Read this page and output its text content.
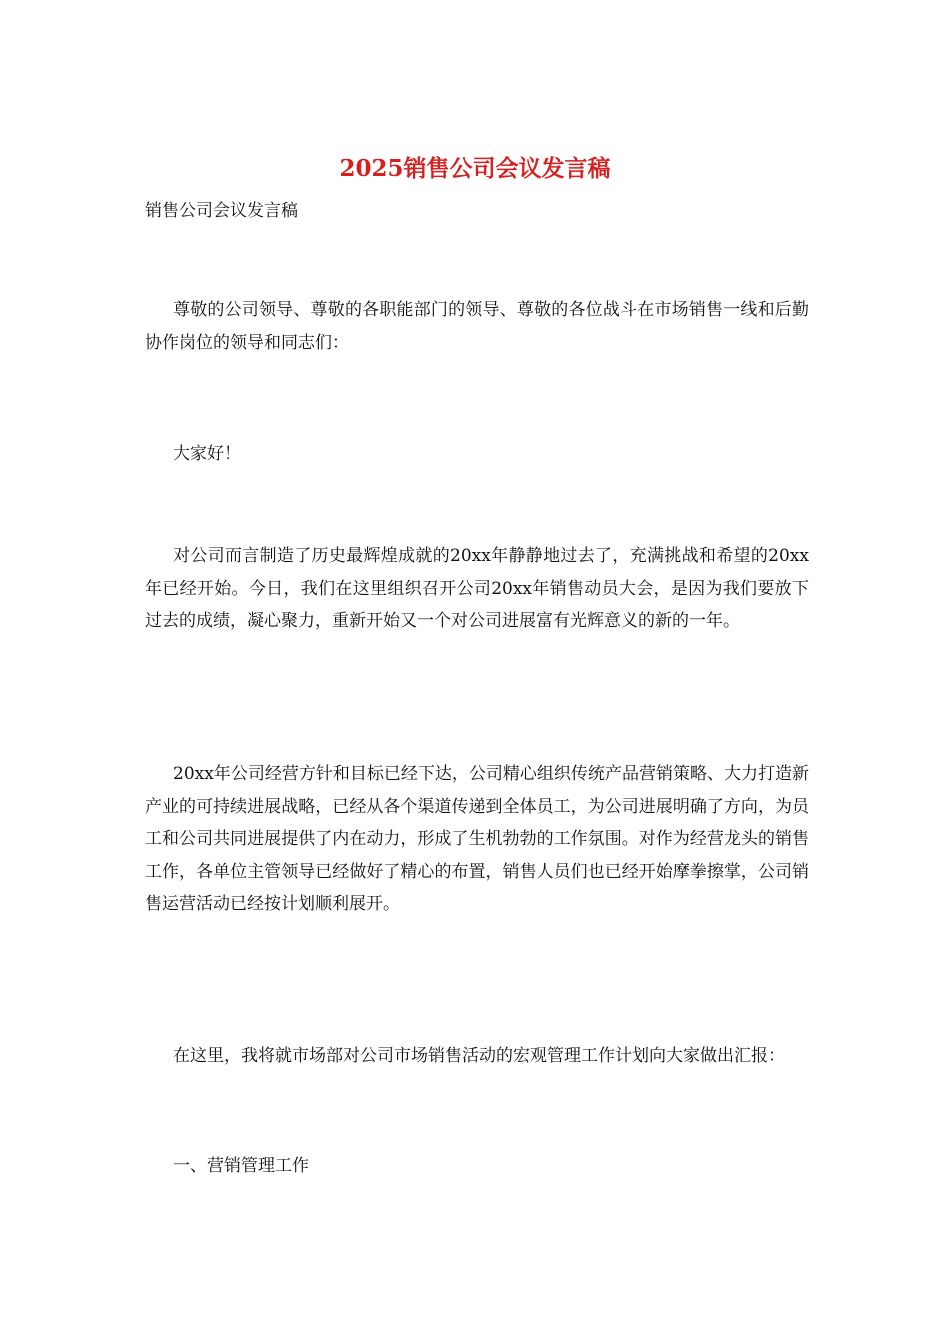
2025销售公司会议发言稿
销售公司会议发言稿

尊敬的公司领导、尊敬的各职能部门的领导、尊敬的各位战斗在市场销售一线和后勤协作岗位的领导和同志们：

大家好！

对公司而言制造了历史最辉煌成就的20xx年静静地过去了，充满挑战和希望的20xx年已经开始。今日，我们在这里组织召开公司20xx年销售动员大会，是因为我们要放下过去的成绩，凝心聚力，重新开始又一个对公司进展富有光辉意义的新的一年。

20xx年公司经营方针和目标已经下达，公司精心组织传统产品营销策略、大力打造新产业的可持续进展战略，已经从各个渠道传递到全体员工，为公司进展明确了方向，为员工和公司共同进展提供了内在动力，形成了生机勃勃的工作氛围。对作为经营龙头的销售工作，各单位主管领导已经做好了精心的布置，销售人员们也已经开始摩拳擦掌，公司销售运营活动已经按计划顺利展开。

在这里，我将就市场部对公司市场销售活动的宏观管理工作计划向大家做出汇报：

一、营销管理工作
